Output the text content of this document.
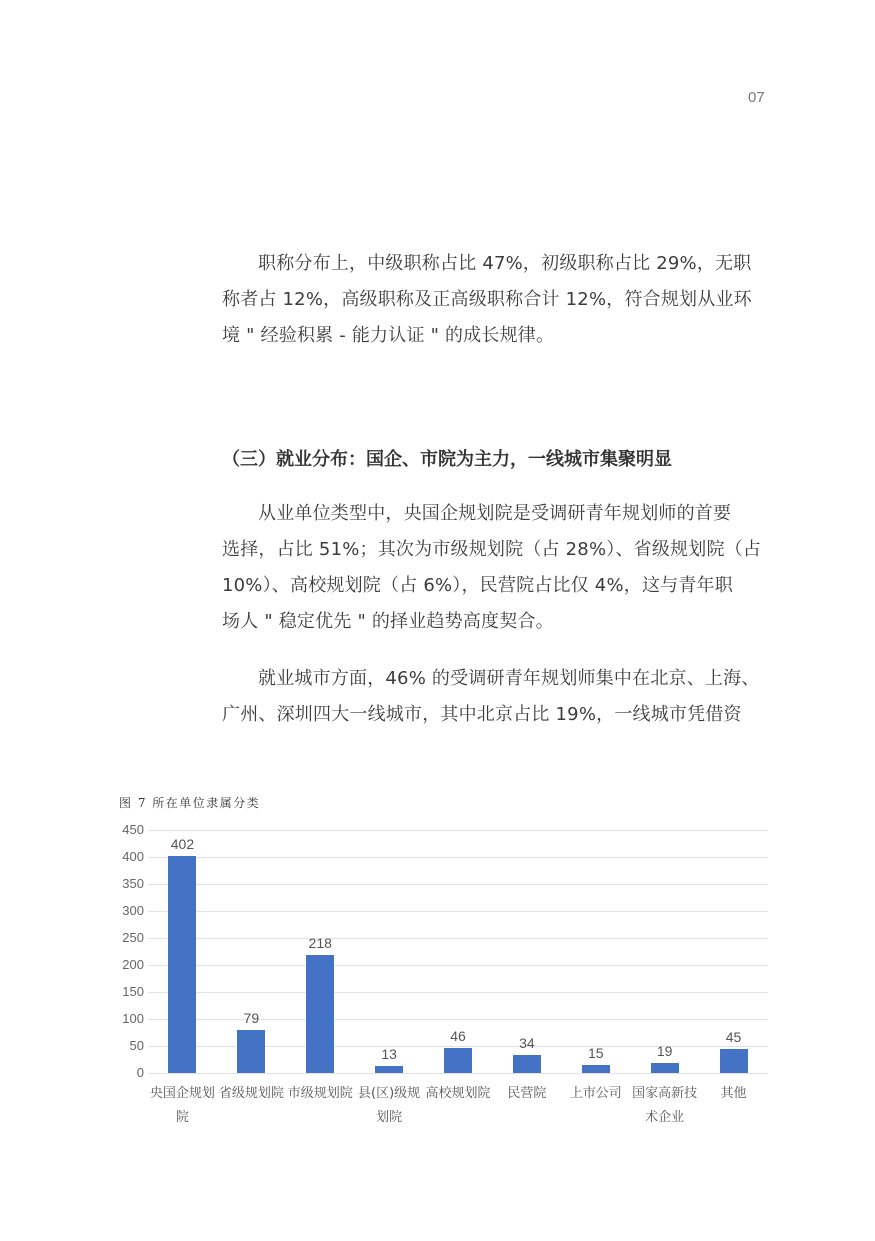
07
职称分布上，中级职称占比 47%，初级职称占比 29%，无职
称者占 12%，高级职称及正高级职称合计 12%，符合规划从业环
境 " 经验积累 - 能力认证 " 的成长规律。
（三）就业分布：国企、市院为主力，一线城市集聚明显
从业单位类型中，央国企规划院是受调研青年规划师的首要
选择，占比 51%；其次为市级规划院（占 28%）、省级规划院（占
10%）、高校规划院（占 6%），民营院占比仅 4%，这与青年职
场人 " 稳定优先 " 的择业趋势高度契合。
就业城市方面，46% 的受调研青年规划师集中在北京、上海、
广州、深圳四大一线城市，其中北京占比 19%，一线城市凭借资
图 7 所在单位隶属分类
0
50
100
150
200
250
300
350
400
450
402
央国企规划
院
79
省级规划院
218
市级规划院
13
县(区)级规
划院
46
高校规划院
34
民营院
15
上市公司
19
国家高新技
术企业
45
其他
